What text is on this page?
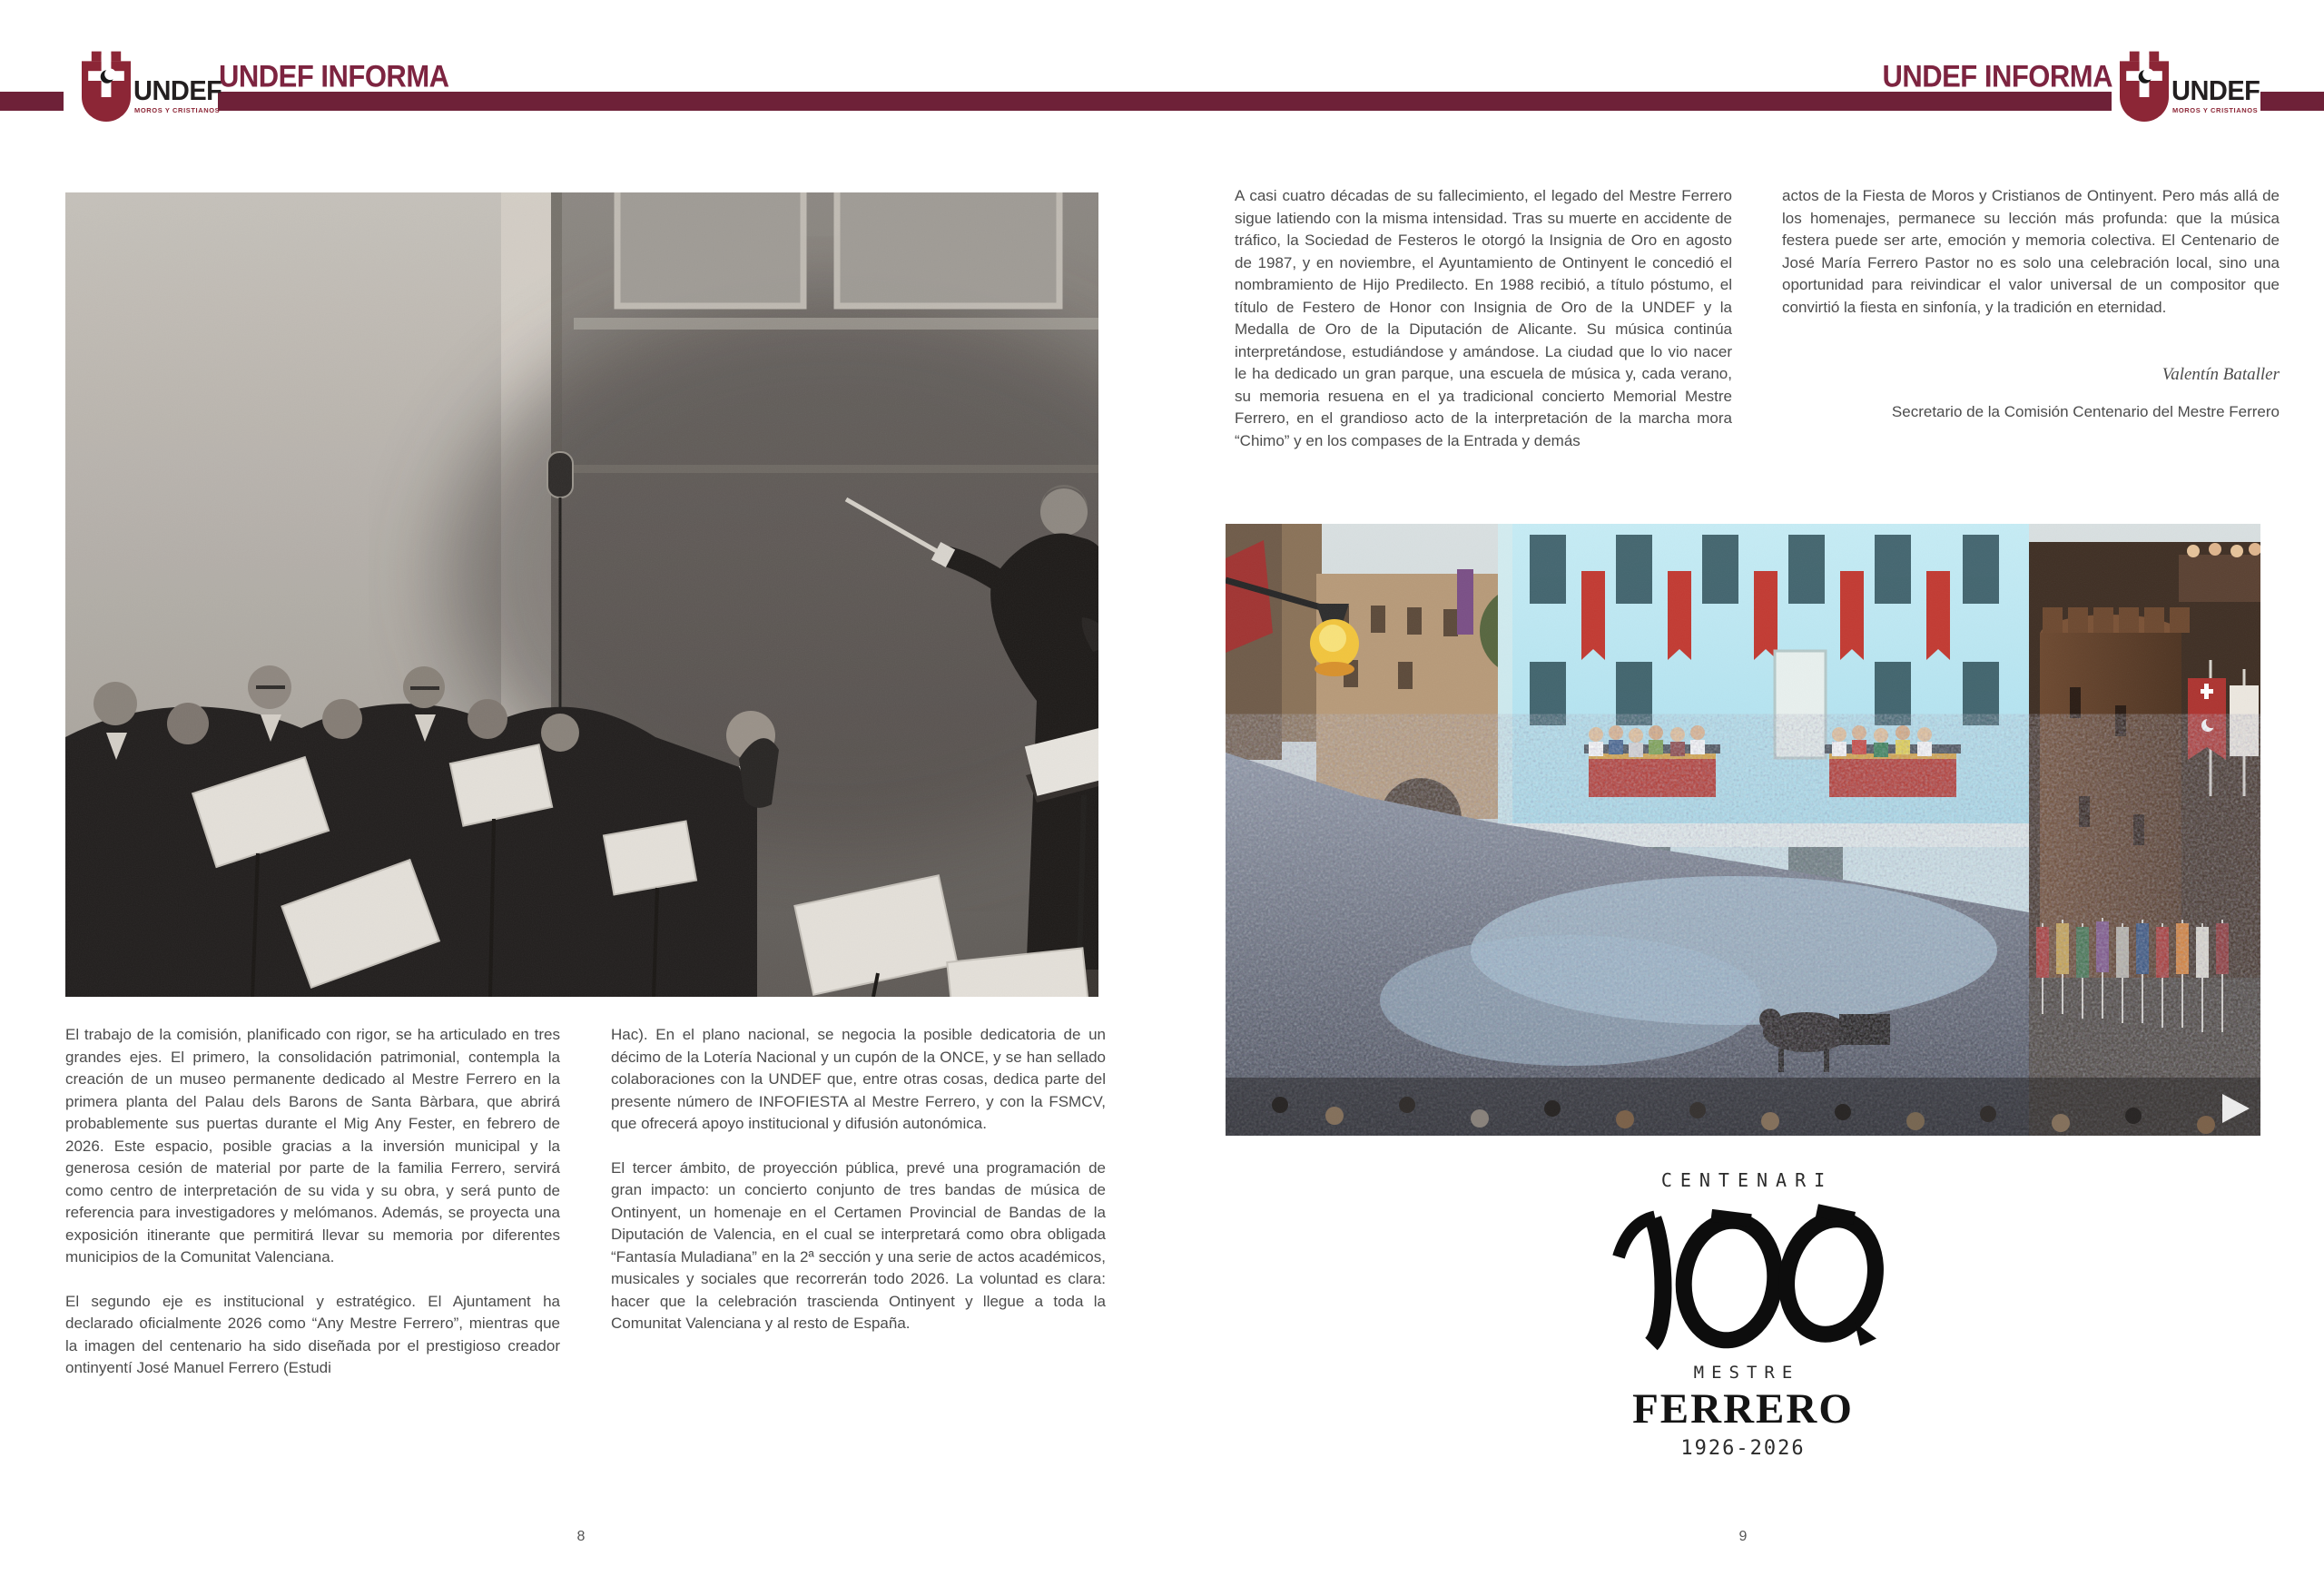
UNDEF
MOROS Y CRISTIANOS
UNDEF INFORMA	UNDEF INFORMA UNDEF
MOROS Y CRISTIANOS

El trabajo de la comisión, planificado con rigor, se ha articulado en tres grandes ejes. El primero, la consolidación patrimonial, contempla la creación de un museo permanente dedicado al Mestre Ferrero en la primera planta del Palau dels Barons de Santa Bàrbara, que abrirá probablemente sus puertas durante el Mig Any Fester, en febrero de 2026. Este espacio, posible gracias a la inversión municipal y la generosa cesión de material por parte de la familia Ferrero, servirá como centro de interpretación de su vida y su obra, y será punto de referencia para investigadores y melómanos. Además, se proyecta una exposición itinerante que permitirá llevar su memoria por diferentes municipios de la Comunitat Valenciana.

El segundo eje es institucional y estratégico. El Ajuntament ha declarado oficialmente 2026 como “Any Mestre Ferrero”, mientras que la imagen del centenario ha sido diseñada por el prestigioso creador ontinyentí José Manuel Ferrero (Estudi

Hac). En el plano nacional, se negocia la posible dedicatoria de un décimo de la Lotería Nacional y un cupón de la ONCE, y se han sellado colaboraciones con la UNDEF que, entre otras cosas, dedica parte del presente número de INFOFIESTA al Mestre Ferrero, y con la FSMCV, que ofrecerá apoyo institucional y difusión autonómica.

El tercer ámbito, de proyección pública, prevé una programación de gran impacto: un concierto conjunto de tres bandas de música de Ontinyent, un homenaje en el Certamen Provincial de Bandas de la Diputación de Valencia, en el cual se interpretará como obra obligada “Fantasía Muladiana” en la 2ª sección y una serie de actos académicos, musicales y sociales que recorrerán todo 2026. La voluntad es clara: hacer que la celebración trascienda Ontinyent y llegue a toda la Comunitat Valenciana y al resto de España.

A casi cuatro décadas de su fallecimiento, el legado del Mestre Ferrero sigue latiendo con la misma intensidad. Tras su muerte en accidente de tráfico, la Sociedad de Festeros le otorgó la Insignia de Oro en agosto de 1987, y en noviembre, el Ayuntamiento de Ontinyent le concedió el nombramiento de Hijo Predilecto. En 1988 recibió, a título póstumo, el título de Festero de Honor con Insignia de Oro de la UNDEF y la Medalla de Oro de la Diputación de Alicante. Su música continúa interpretándose, estudiándose y amándose. La ciudad que lo vio nacer le ha dedicado un gran parque, una escuela de música y, cada verano, su memoria resuena en el ya tradicional concierto Memorial Mestre Ferrero, en el grandioso acto de la interpretación de la marcha mora “Chimo” y en los compases de la Entrada y demás

actos de la Fiesta de Moros y Cristianos de Ontinyent. Pero más allá de los homenajes, permanece su lección más profunda: que la música festera puede ser arte, emoción y memoria colectiva. El Centenario de José María Ferrero Pastor no es solo una celebración local, sino una oportunidad para reivindicar el valor universal de un compositor que convirtió la fiesta en sinfonía, y la tradición en eternidad.

Valentín Bataller
Secretario de la Comisión Centenario del Mestre Ferrero
CENTENARI
MESTRE
FERRERO
1926-2026
8	9
